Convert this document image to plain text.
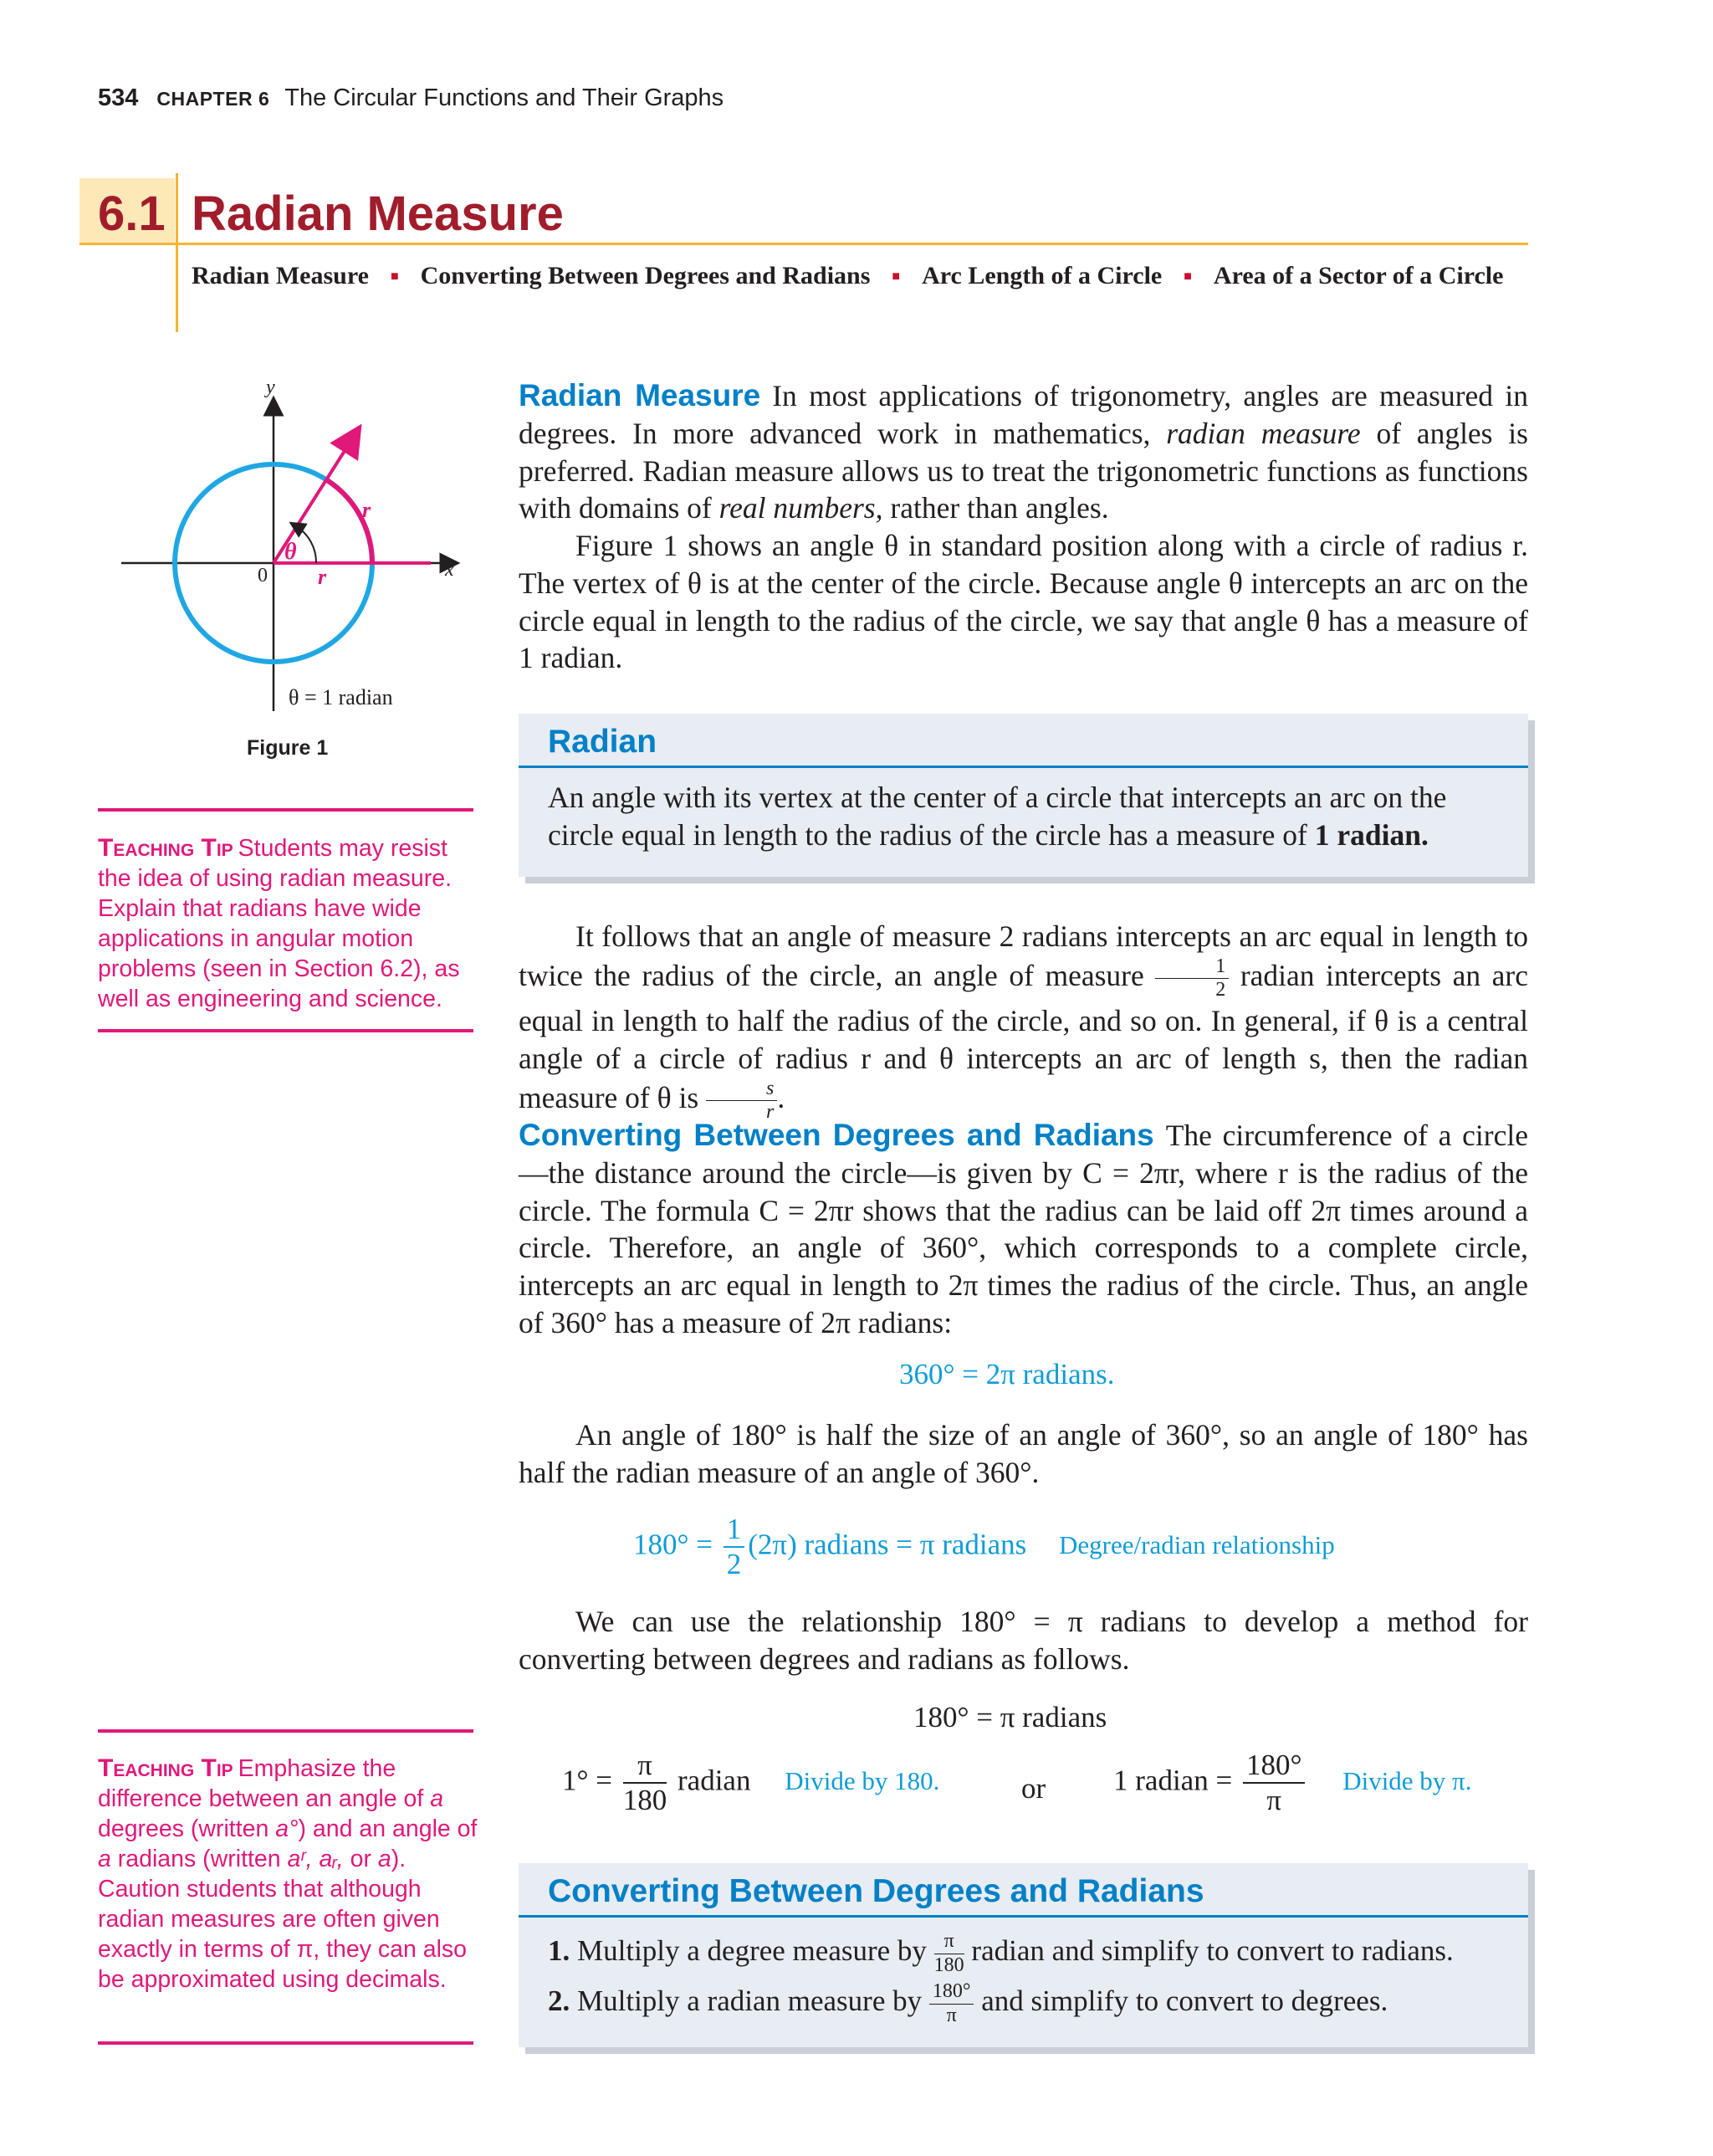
534 CHAPTER 6 The Circular Functions and Their Graphs
6.1 Radian Measure
Radian Measure ■ Converting Between Degrees and Radians ■ Arc Length of a Circle ■ Area of a Sector of a Circle
y
x
0
θ
r
r
θ = 1 radian
Figure 1
Teaching Tip Students may resist the idea of using radian measure. Explain that radians have wide applications in angular motion problems (seen in Section 6.2), as well as engineering and science.
Teaching Tip Emphasize the difference between an angle of a degrees (written a°) and an angle of a radians (written aʳ, aᵣ, or a). Caution students that although radian measures are often given exactly in terms of π, they can also be approximated using decimals.
Radian Measure In most applications of trigonometry, angles are measured in degrees. In more advanced work in mathematics, radian measure of angles is preferred. Radian measure allows us to treat the trigonometric functions as functions with domains of real numbers, rather than angles.
Figure 1 shows an angle θ in standard position along with a circle of radius r. The vertex of θ is at the center of the circle. Because angle θ intercepts an arc on the circle equal in length to the radius of the circle, we say that angle θ has a measure of 1 radian.
Radian
An angle with its vertex at the center of a circle that intercepts an arc on the circle equal in length to the radius of the circle has a measure of 1 radian.
It follows that an angle of measure 2 radians intercepts an arc equal in length to twice the radius of the circle, an angle of measure $\frac{1}{2}$ radian intercepts an arc equal in length to half the radius of the circle, and so on. In general, if θ is a central angle of a circle of radius r and θ intercepts an arc of length s, then the radian measure of θ is $\frac{s}{r}$ .
Converting Between Degrees and Radians The circumference of a circle—the distance around the circle—is given by C = 2πr, where r is the radius of the circle. The formula C = 2πr shows that the radius can be laid off 2π times around a circle. Therefore, an angle of 360°, which corresponds to a complete circle, intercepts an arc equal in length to 2π times the radius of the circle. Thus, an angle of 360° has a measure of 2π radians:
360° = 2π radians.
An angle of 180° is half the size of an angle of 360°, so an angle of 180° has half the radian measure of an angle of 360°.
$180^\circ = \frac{1}{2} (2\pi)$ radians = π radians Degree/radian relationship
We can use the relationship 180° = π radians to develop a method for converting between degrees and radians as follows.
180° = π radians
$1^\circ = \frac{\pi}{180}$ radian Divide by 180.	or 1 radian = $\frac{180^\circ}{\pi}$ Divide by π.
Converting Between Degrees and Radians
1. Multiply a degree measure by $\frac{\pi}{180}$ radian and simplify to convert to radians.
2. Multiply a radian measure by $\frac{180^\circ}{\pi}$ and simplify to convert to degrees.
